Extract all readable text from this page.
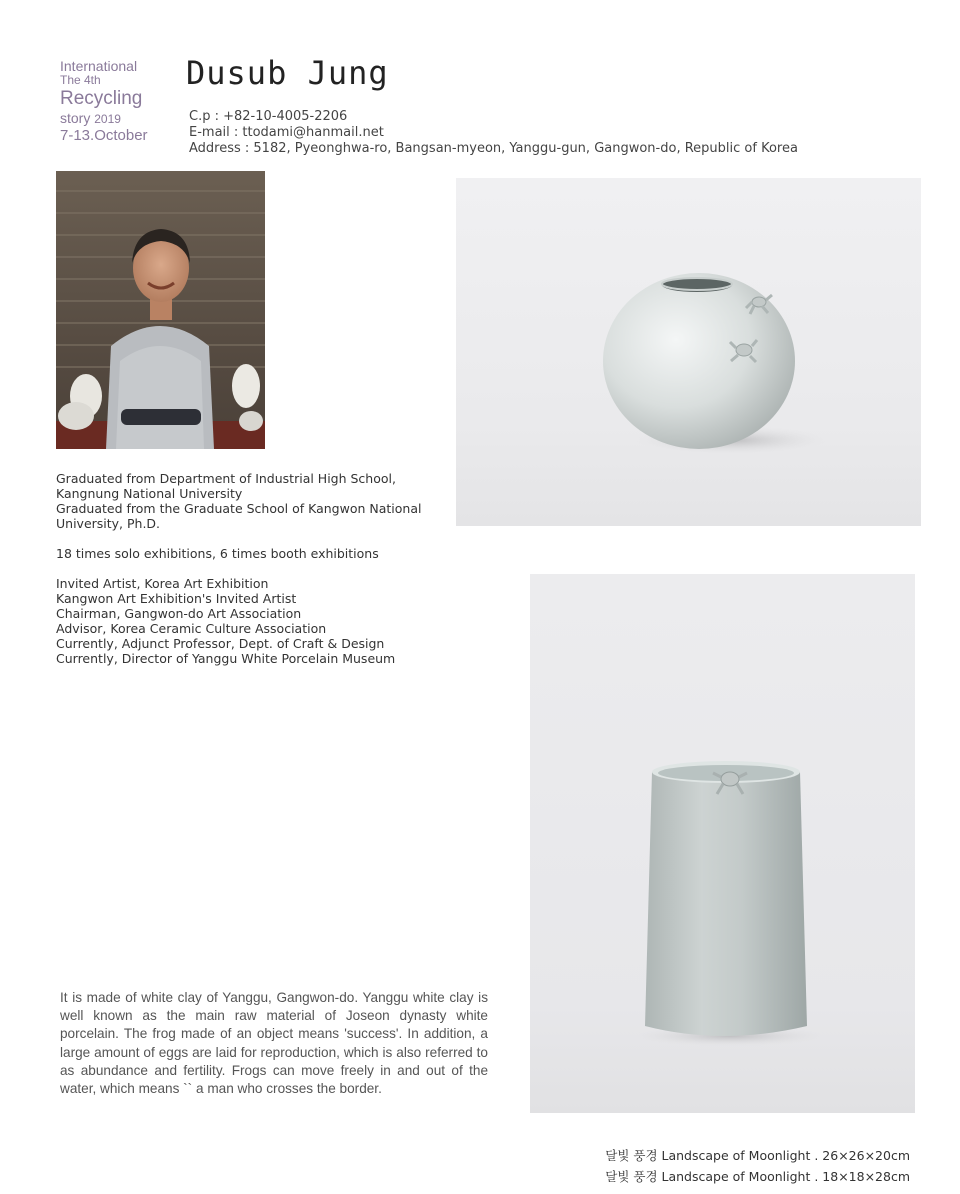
International
The 4th
Recycling
story 2019
7-13.October
Dusub Jung
C.p : +82-10-4005-2206
E-mail : ttodami@hanmail.net
Address : 5182, Pyeonghwa-ro, Bangsan-myeon, Yanggu-gun, Gangwon-do, Republic of Korea

Graduated from Department of Industrial High School,

Kangnung National University

Graduated from the Graduate School of Kangwon National

University, Ph.D.

18 times solo exhibitions, 6 times booth exhibitions

Invited Artist, Korea Art Exhibition

Kangwon Art Exhibition's Invited Artist

Chairman, Gangwon-do Art Association

Advisor, Korea Ceramic Culture Association

Currently, Adjunct Professor, Dept. of Craft & Design

Currently, Director of Yanggu White Porcelain Museum

It is made of white clay of Yanggu, Gangwon-do. Yanggu white clay is well known as the main raw material of Joseon dynasty white porcelain. The frog made of an object means 'success'. In addition, a large amount of eggs are laid for reproduction, which is also referred to as abundance and fertility. Frogs can move freely in and out of the water, which means `` a man who crosses the border.
달빛 풍경 Landscape of Moonlight . 26×26×20cm
달빛 풍경 Landscape of Moonlight . 18×18×28cm
